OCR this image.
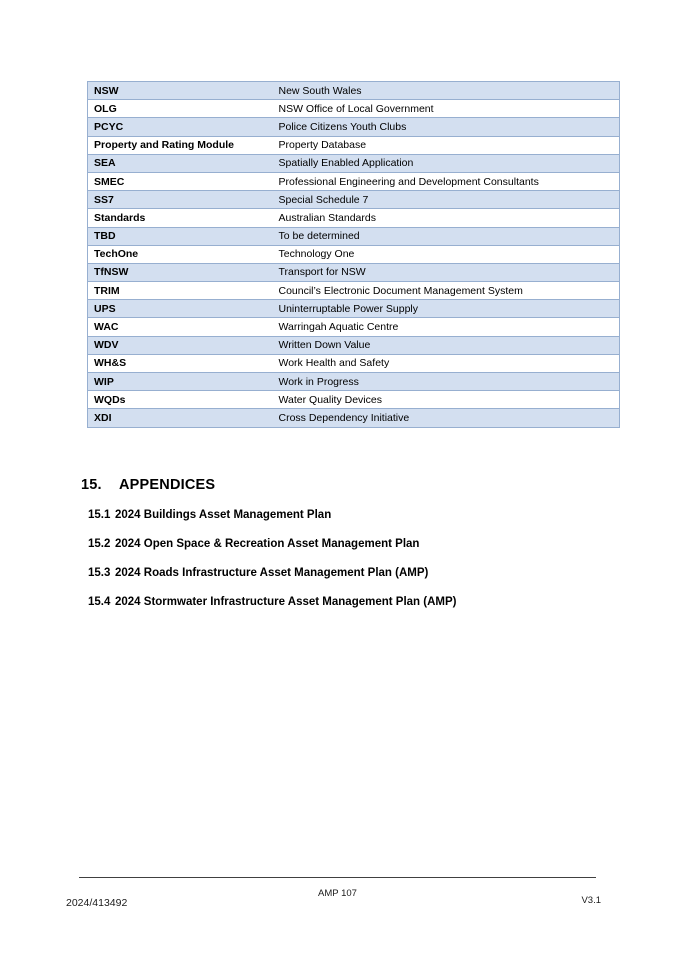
NSW	New South Wales
OLG	NSW Office of Local Government
PCYC	Police Citizens Youth Clubs
Property and Rating Module	Property Database
SEA	Spatially Enabled Application
SMEC	Professional Engineering and Development Consultants
SS7	Special Schedule 7
Standards	Australian Standards
TBD	To be determined
TechOne	Technology One
TfNSW	Transport for NSW
TRIM	Council’s Electronic Document Management System
UPS	Uninterruptable Power Supply
WAC	Warringah Aquatic Centre
WDV	Written Down Value
WH&S	Work Health and Safety
WIP	Work in Progress
WQDs	Water Quality Devices
XDI	Cross Dependency Initiative
15.	APPENDICES
15.1 2024 Buildings Asset Management Plan
15.2 2024 Open Space & Recreation Asset Management Plan
15.3 2024 Roads Infrastructure Asset Management Plan (AMP)
15.4 2024 Stormwater Infrastructure Asset Management Plan (AMP)
2024/413492
AMP 107
V3.1
